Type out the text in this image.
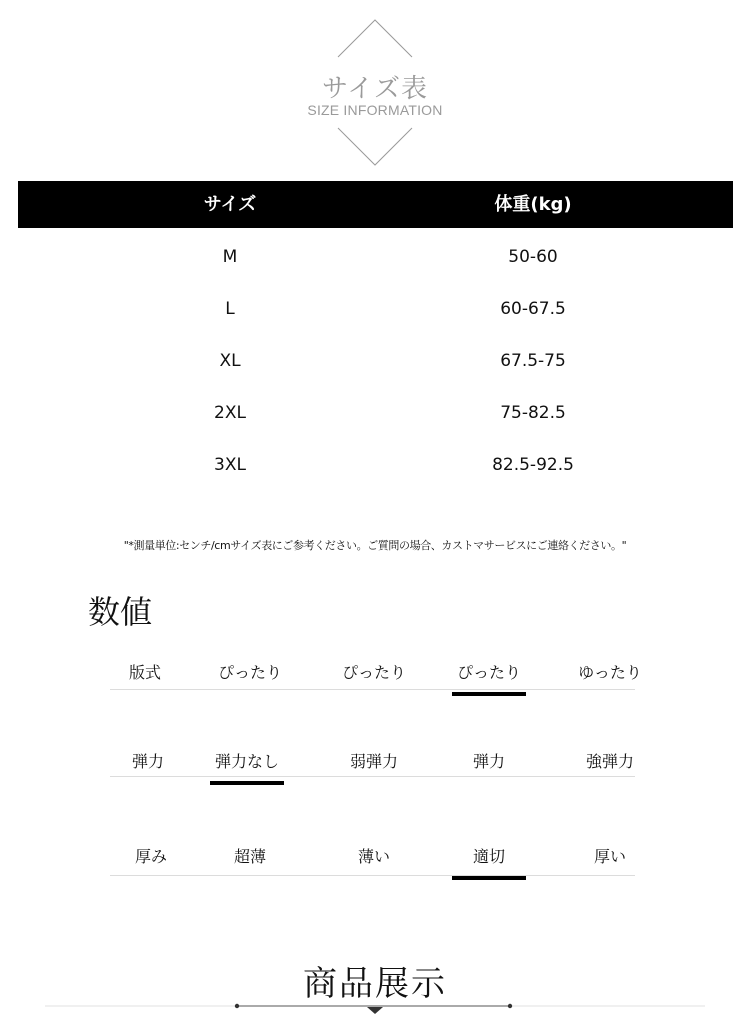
サイズ表
SIZE INFORMATION
サイズ	体重(kg)
M	50-60
L	60-67.5
XL	67.5-75
2XL	75-82.5
3XL	82.5-92.5
"*測量単位:センチ/cmサイズ表にご参考ください。ご質問の場合、カストマサービスにご連絡ください。"
数値
版式	ぴったり	ぴったり	ぴったり	ゆったり
弾力	弾力なし	弱弾力	弾力	強弾力
厚み	超薄	薄い	適切	厚い
商品展示
